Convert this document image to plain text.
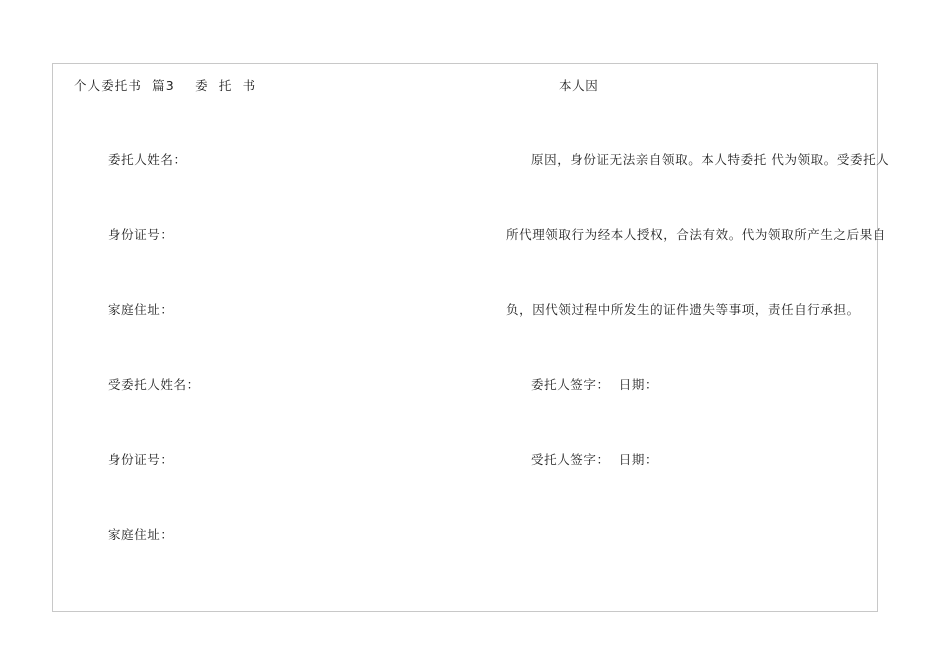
个人委托书  篇3    委  托  书	本人因
委托人姓名：
身份证号：
家庭住址：
受委托人姓名：
身份证号：
家庭住址：
原因，身份证无法亲自领取。本人特委托 代为领取。受委托人
所代理领取行为经本人授权，合法有效。代为领取所产生之后果自
负，因代领过程中所发生的证件遗失等事项，责任自行承担。
委托人签字：  日期：
受托人签字：  日期：
